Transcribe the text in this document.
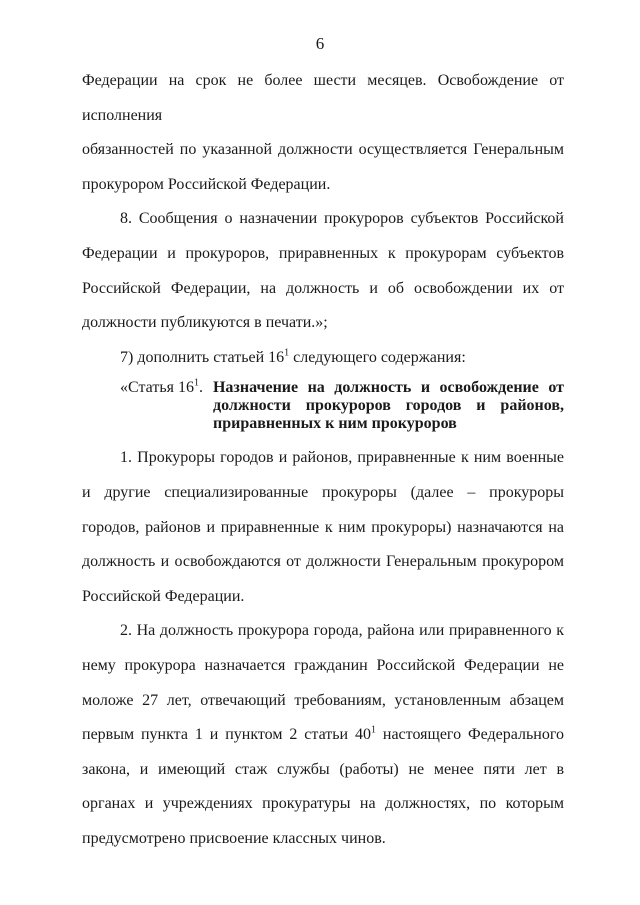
6

Федерации на срок не более шести месяцев. Освобождение от исполнения

обязанностей по указанной должности осуществляется Генеральным

прокурором Российской Федерации.

8. Сообщения о назначении прокуроров субъектов Российской Федерации и прокуроров, приравненных к прокурорам субъектов Российской Федерации, на должность и об освобождении их от должности публикуются в печати.»;

7) дополнить статьей $16^1$ следующего содержания:

«Статья $16^1$. Назначение на должность и освобождение от должности прокуроров городов и районов, приравненных к ним прокуроров

1. Прокуроры городов и районов, приравненные к ним военные и другие специализированные прокуроры (далее – прокуроры городов, районов и приравненные к ним прокуроры) назначаются на должность и освобождаются от должности Генеральным прокурором Российской Федерации.

2. На должность прокурора города, района или приравненного к нему прокурора назначается гражданин Российской Федерации не моложе 27 лет, отвечающий требованиям, установленным абзацем первым пункта 1 и пунктом 2 статьи $40^1$ настоящего Федерального закона, и имеющий стаж службы (работы) не менее пяти лет в органах и учреждениях прокуратуры на должностях, по которым предусмотрено присвоение классных чинов.
